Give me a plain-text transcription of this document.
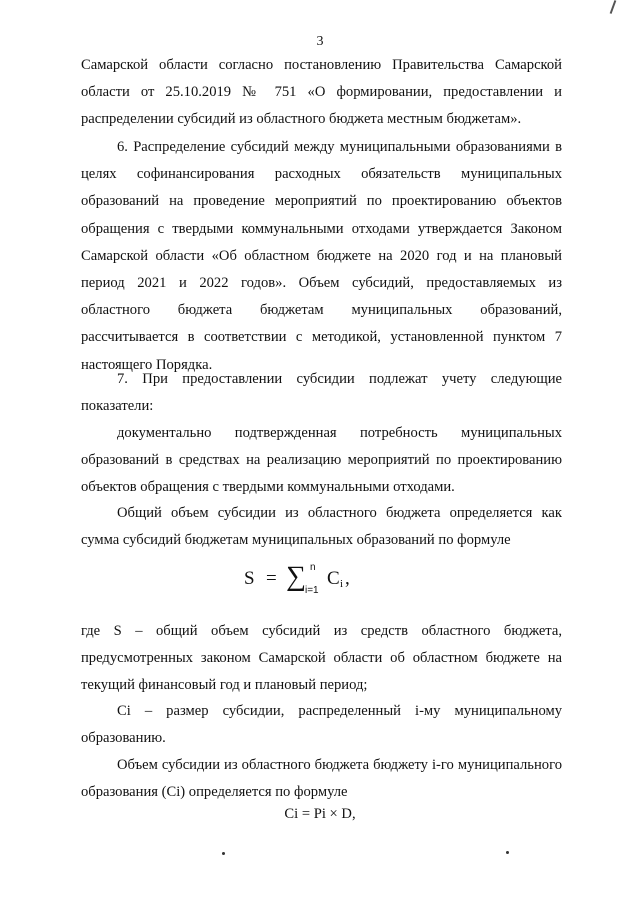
3

Самарской области согласно постановлению Правительства Самарской области от 25.10.2019 № 751 «О формировании, предоставлении и распределении субсидий из областного бюджета местным бюджетам».

6. Распределение субсидий между муниципальными образованиями в целях софинансирования расходных обязательств муниципальных образований на проведение мероприятий по проектированию объектов обращения с твердыми коммунальными отходами утверждается Законом Самарской области «Об областном бюджете на 2020 год и на плановый период 2021 и 2022 годов». Объем субсидий, предоставляемых из областного бюджета бюджетам муниципальных образований, рассчитывается в соответствии с методикой, установленной пунктом 7 настоящего Порядка.

7. При предоставлении субсидии подлежат учету следующие показатели:

документально подтвержденная потребность муниципальных образований в средствах на реализацию мероприятий по проектированию объектов обращения с твердыми коммунальными отходами.

Общий объем субсидии из областного бюджета определяется как сумма субсидий бюджетам муниципальных образований по формуле

S = ∑ n
i=1
C i ,

где S – общий объем субсидий из средств областного бюджета, предусмотренных законом Самарской области об областном бюджете на текущий финансовый год и плановый период;

Ci – размер субсидии, распределенный i-му муниципальному образованию.

Объем субсидии из областного бюджета бюджету i-го муниципального образования (Ci) определяется по формуле

Ci = Pi × D,
